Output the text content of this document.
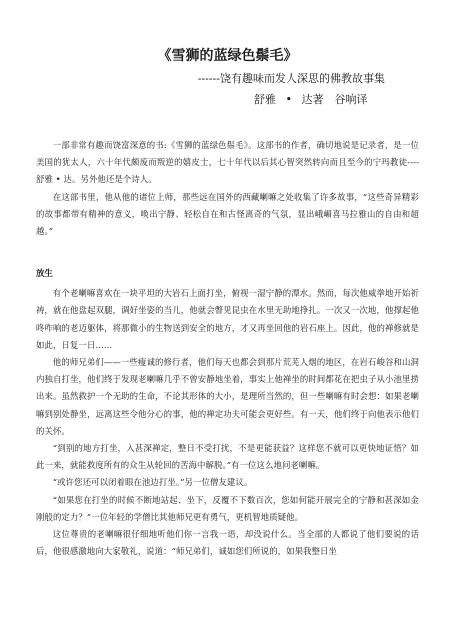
《雪狮的蓝绿色鬃毛》
------饶有趣味而发人深思的佛教故事集
舒雅 • 达著　谷响译

一部非常有趣而饶富深意的书:《雪狮的蓝绿色鬃毛》。这部书的作者，确切地说是记录者，是一位美国的犹太人，六十年代颇废而叛逆的嬉皮士，七十年代以后其心智突然转向而且至今的宁玛教徒----舒雅 • 达。另外他还是个诗人。

在这部书里，他从他的诸位上师，那些远在国外的西藏喇嘛之处收集了许多故事，“这些奇异精彩的故事都带有精神的意义，唤出宁静、轻松自在和古怪离奇的气氛，显出峨嵋喜马拉雅山的自由和超越。”

放生

有个老喇嘛喜欢在一块平坦的大岩石上面打坐，俯视一湿宁静的潭水。然而，每次他威拳地开始祈祷，就在他盘起双腿，调好坐姿的当儿，他就会瞥见昆虫在水里无助地挣扎。一次又一次地，他撑起他咚咋响的老迈躯体，将那微小的生物送到安全的地方，才又再坐回他的岩石座上。因此，他的禅修就是如此，日复一日……

他的师兄弟们——一些瘦诚的修行者，他们每天也都会到那片荒芜人烟的地区，在岩石峻谷和山洞内独自打坐，他们终于发现老喇嘛几乎不曾安静地坐着，事实上他禅坐的时间都花在把虫子从小池里捞出来。虽然救护一个无助的生命，不论其形体的大小，是理所当然的，但一些喇嘛有时会想：如果老喇嘛到别处静坐，远离这些令他分心的事，他的禅定功夫可能会更好些。有一天，他们终于向他表示他们的关怀。

“到别的地方打坐，入甚深禅定，整日不受打扰，不是更能获益？这样您不就可以更快地证悟？如此一来，就能救度所有的众生从轮回的苦海中解脱。”有一位这么地问老喇嘛。

“或许您还可以闭着眼在池边打坐。”另一位僧友建议。

“如果您在打坐的时候不断地站起、坐下，反覆不下数百次，您如何能开展完全的宁静和甚深如金刚般的定力？”一位年轻的学僧比其他师兄更有勇气，更机智地质疑他。

这位尊贵的老喇嘛很仔细地听他们你一言我一语，却没说什么。当全部的人都说了他们要说的话后，他很感激地向大家敬礼，说道：“师兄弟们，诚如您们所说的，如果我整日坐
